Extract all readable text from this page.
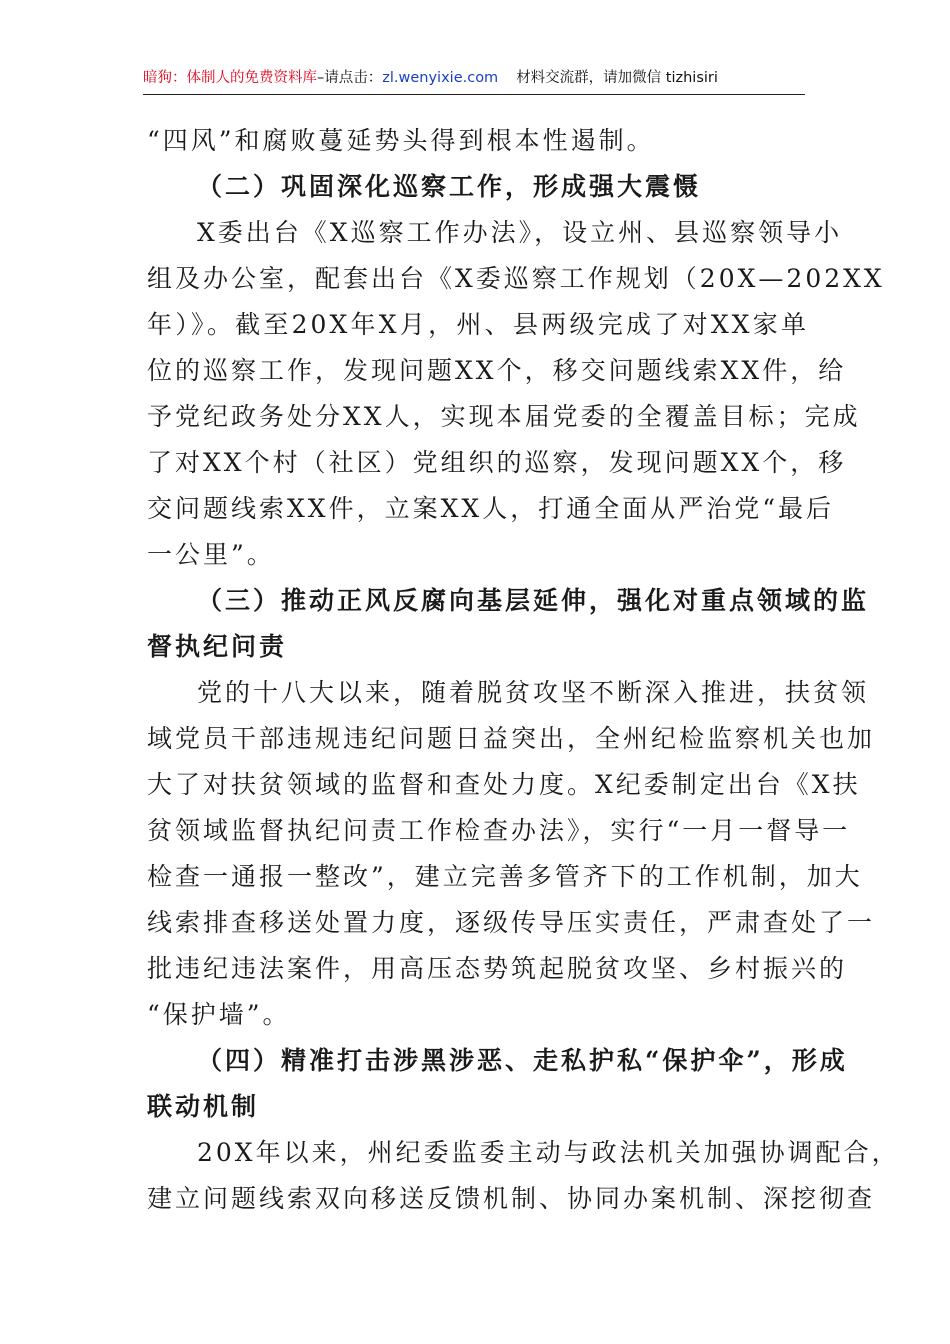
暗狗：体制人的免费资料库 –请点击： zl.wenyixie.com 材料交流群，请加微信 tizhisiri
“四风”和腐败蔓延势头得到根本性遏制。
（二）巩固深化巡察工作，形成强大震慑
X委出台《X巡察工作办法》，设立州、县巡察领导小
组及办公室，配套出台《X委巡察工作规划（20X—202XX
年）》。截至20X年X月，州、县两级完成了对XX家单
位的巡察工作，发现问题XX个，移交问题线索XX件，给
予党纪政务处分XX人，实现本届党委的全覆盖目标；完成
了对XX个村（社区）党组织的巡察，发现问题XX个，移
交问题线索XX件，立案XX人，打通全面从严治党“最后
一公里”。
（三）推动正风反腐向基层延伸，强化对重点领域的监
督执纪问责
党的十八大以来，随着脱贫攻坚不断深入推进，扶贫领
域党员干部违规违纪问题日益突出，全州纪检监察机关也加
大了对扶贫领域的监督和查处力度。X纪委制定出台《X扶
贫领域监督执纪问责工作检查办法》，实行“一月一督导一
检查一通报一整改”，建立完善多管齐下的工作机制，加大
线索排查移送处置力度，逐级传导压实责任，严肃查处了一
批违纪违法案件，用高压态势筑起脱贫攻坚、乡村振兴的
“保护墙”。
（四）精准打击涉黑涉恶、走私护私“保护伞”，形成
联动机制
20X年以来，州纪委监委主动与政法机关加强协调配合，
建立问题线索双向移送反馈机制、协同办案机制、深挖彻查
